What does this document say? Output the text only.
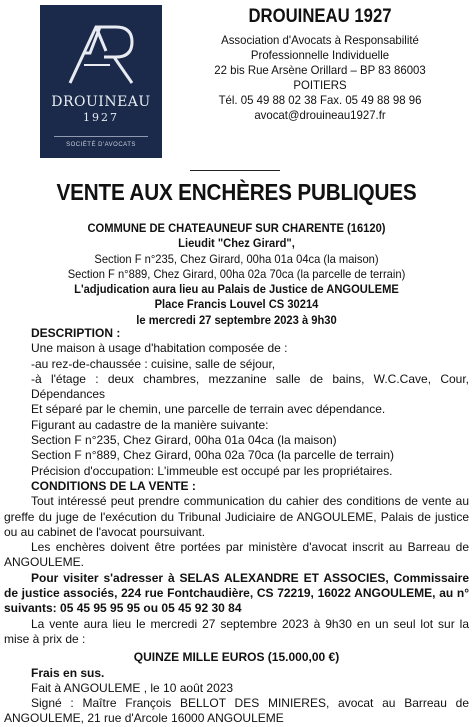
DROUINEAU
1927
SOCIÉTÉ D'AVOCATS
DROUINEAU 1927
Association d'Avocats à Responsabilité
Professionnelle Individuelle
22 bis Rue Arsène Orillard – BP 83 86003
POITIERS
Tél. 05 49 88 02 38 Fax. 05 49 88 98 96
avocat@drouineau1927.fr
VENTE AUX ENCHÈRES PUBLIQUES
COMMUNE DE CHATEAUNEUF SUR CHARENTE (16120)
Lieudit "Chez Girard",
Section F n°235, Chez Girard, 00ha 01a 04ca (la maison)
Section F n°889, Chez Girard, 00ha 02a 70ca (la parcelle de terrain)
L'adjudication aura lieu au Palais de Justice de ANGOULEME
Place Francis Louvel CS 30214
le mercredi 27 septembre 2023 à 9h30
DESCRIPTION :
Une maison à usage d'habitation composée de :
-au rez-de-chaussée : cuisine, salle de séjour,
-à l'étage : deux chambres, mezzanine salle de bains, W.C.Cave, Cour, Dépendances
Et séparé par le chemin, une parcelle de terrain avec dépendance.
Figurant au cadastre de la manière suivante:
Section F n°235, Chez Girard, 00ha 01a 04ca (la maison)
Section F n°889, Chez Girard, 00ha 02a 70ca (la parcelle de terrain)
Précision d'occupation: L'immeuble est occupé par les propriétaires.
CONDITIONS DE LA VENTE :
Tout intéressé peut prendre communication du cahier des conditions de vente au greffe du juge de l'exécution du Tribunal Judiciaire de ANGOULEME, Palais de justice ou au cabinet de l'avocat poursuivant.
Les enchères doivent être portées par ministère d'avocat inscrit au Barreau de ANGOULEME.
Pour visiter s'adresser à SELAS ALEXANDRE ET ASSOCIES, Commissaire de justice associés, 224 rue Fontchaudière, CS 72219, 16022 ANGOULEME, au n° suivants: 05 45 95 95 95 ou 05 45 92 30 84
La vente aura lieu le mercredi 27 septembre 2023 à 9h30 en un seul lot sur la mise à prix de :
QUINZE MILLE EUROS (15.000,00 €)
Frais en sus.
Fait à ANGOULEME , le 10 août 2023
Signé : Maître François BELLOT DES MINIERES, avocat au Barreau de ANGOULEME, 21 rue d'Arcole 16000 ANGOULEME
